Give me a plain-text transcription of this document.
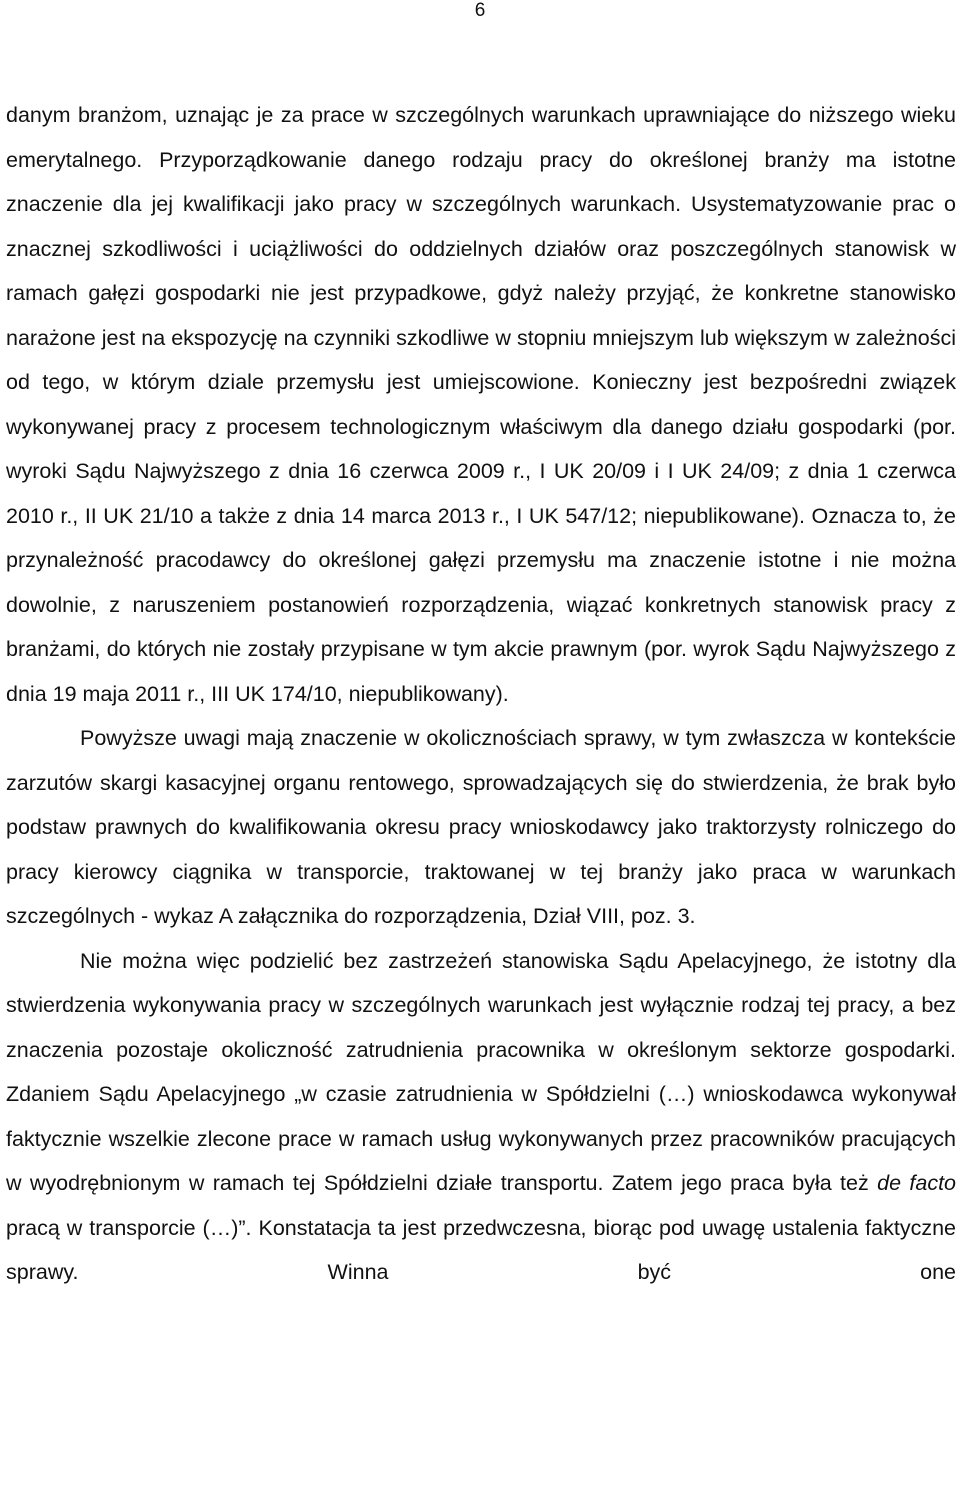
6

danym branżom, uznając je za prace w szczególnych warunkach uprawniające do niższego wieku emerytalnego. Przyporządkowanie danego rodzaju pracy do określonej branży ma istotne znaczenie dla jej kwalifikacji jako pracy w szczególnych warunkach. Usystematyzowanie prac o znacznej szkodliwości i uciążliwości do oddzielnych działów oraz poszczególnych stanowisk w ramach gałęzi gospodarki nie jest przypadkowe, gdyż należy przyjąć, że konkretne stanowisko narażone jest na ekspozycję na czynniki szkodliwe w stopniu mniejszym lub większym w zależności od tego, w którym dziale przemysłu jest umiejscowione. Konieczny jest bezpośredni związek wykonywanej pracy z procesem technologicznym właściwym dla danego działu gospodarki (por. wyroki Sądu Najwyższego z dnia 16 czerwca 2009 r., I UK 20/09 i I UK 24/09; z dnia 1 czerwca 2010 r., II UK 21/10 a także z dnia 14 marca 2013 r., I UK 547/12; niepublikowane). Oznacza to, że przynależność pracodawcy do określonej gałęzi przemysłu ma znaczenie istotne i nie można dowolnie, z naruszeniem postanowień rozporządzenia, wiązać konkretnych stanowisk pracy z branżami, do których nie zostały przypisane w tym akcie prawnym (por. wyrok Sądu Najwyższego z dnia 19 maja 2011 r., III UK 174/10, niepublikowany).

Powyższe uwagi mają znaczenie w okolicznościach sprawy, w tym zwłaszcza w kontekście zarzutów skargi kasacyjnej organu rentowego, sprowadzających się do stwierdzenia, że brak było podstaw prawnych do kwalifikowania okresu pracy wnioskodawcy jako traktorzysty rolniczego do pracy kierowcy ciągnika w transporcie, traktowanej w tej branży jako praca w warunkach szczególnych - wykaz A załącznika do rozporządzenia, Dział VIII, poz. 3.

Nie można więc podzielić bez zastrzeżeń stanowiska Sądu Apelacyjnego, że istotny dla stwierdzenia wykonywania pracy w szczególnych warunkach jest wyłącznie rodzaj tej pracy, a bez znaczenia pozostaje okoliczność zatrudnienia pracownika w określonym sektorze gospodarki. Zdaniem Sądu Apelacyjnego „w czasie zatrudnienia w Spółdzielni (…) wnioskodawca wykonywał faktycznie wszelkie zlecone prace w ramach usług wykonywanych przez pracowników pracujących w wyodrębnionym w ramach tej Spółdzielni działe transportu. Zatem jego praca była też de facto pracą w transporcie (…)”. Konstatacja ta jest przedwczesna, biorąc pod uwagę ustalenia faktyczne sprawy. Winna być one
